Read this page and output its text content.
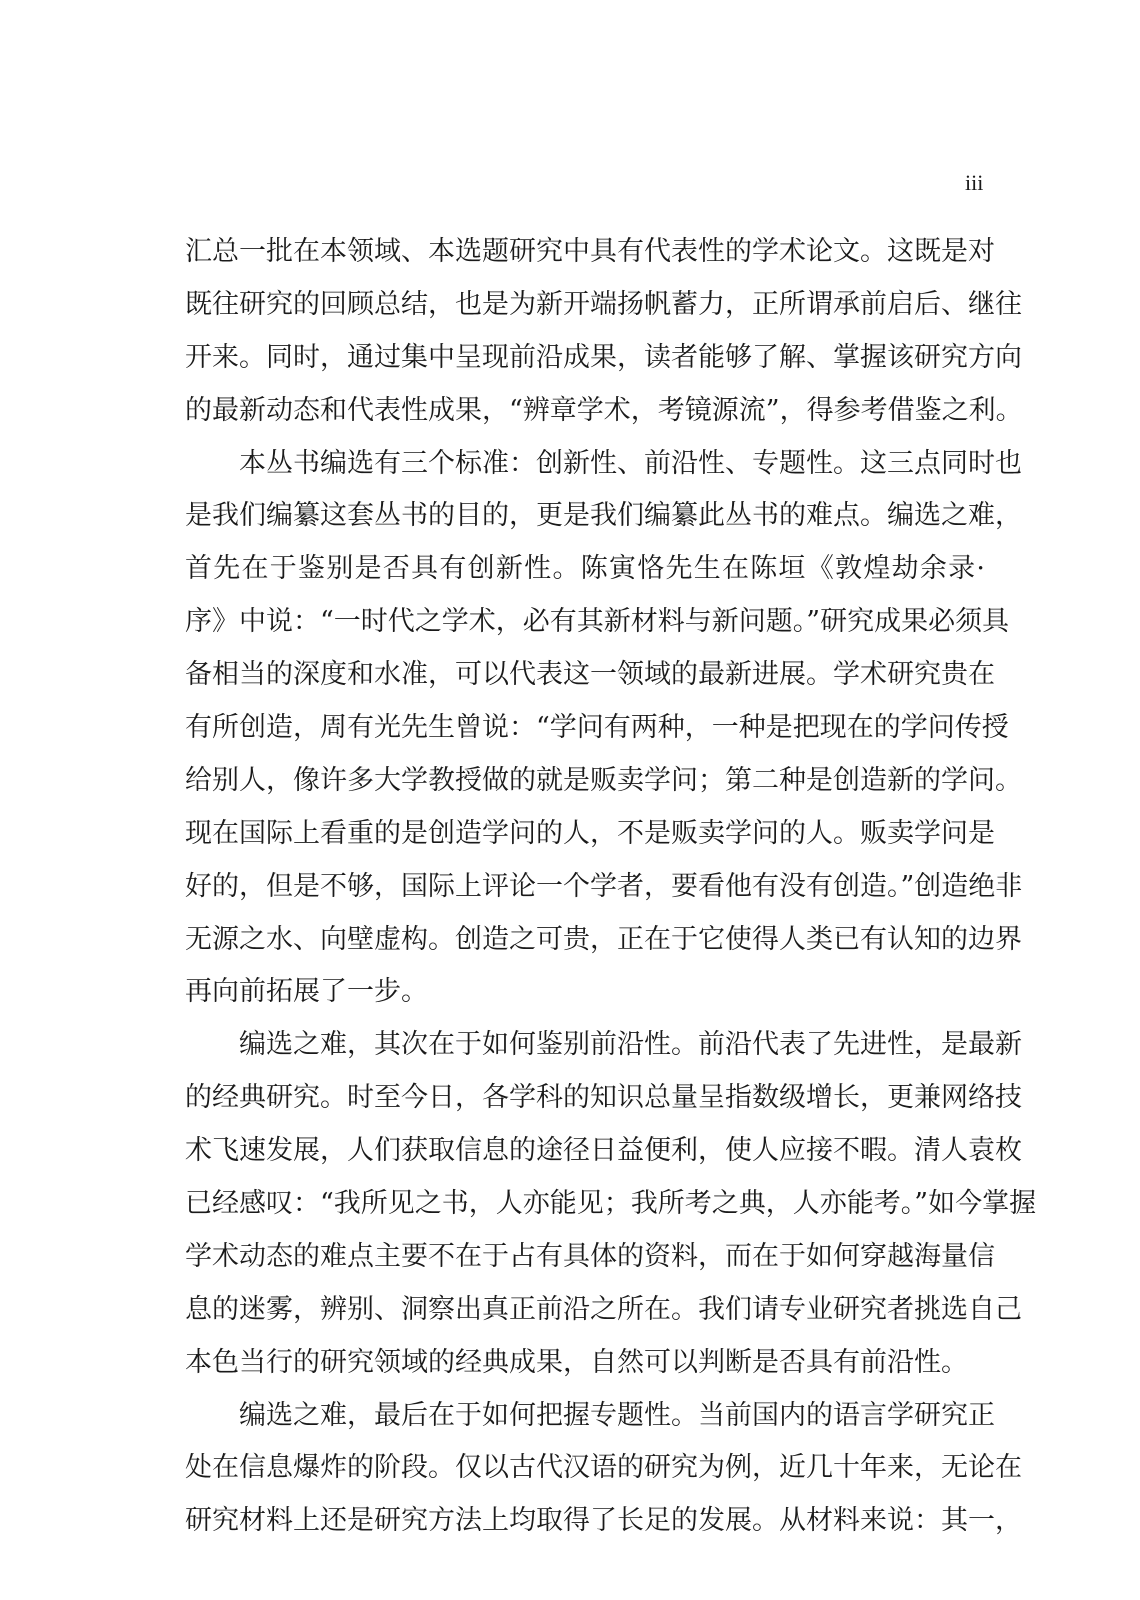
iii
汇总一批在本领域、本选题研究中具有代表性的学术论文。这既是对
既往研究的回顾总结，也是为新开端扬帆蓄力，正所谓承前启后、继往
开来。同时，通过集中呈现前沿成果，读者能够了解、掌握该研究方向
的最新动态和代表性成果，“辨章学术，考镜源流”，得参考借鉴之利。
　　本丛书编选有三个标准：创新性、前沿性、专题性。这三点同时也
是我们编纂这套丛书的目的，更是我们编纂此丛书的难点。编选之难，
首先在于鉴别是否具有创新性。陈寅恪先生在陈垣《敦煌劫余录·
序》中说：“一时代之学术，必有其新材料与新问题。”研究成果必须具
备相当的深度和水准，可以代表这一领域的最新进展。学术研究贵在
有所创造，周有光先生曾说：“学问有两种，一种是把现在的学问传授
给别人，像许多大学教授做的就是贩卖学问；第二种是创造新的学问。
现在国际上看重的是创造学问的人，不是贩卖学问的人。贩卖学问是
好的，但是不够，国际上评论一个学者，要看他有没有创造。”创造绝非
无源之水、向壁虚构。创造之可贵，正在于它使得人类已有认知的边界
再向前拓展了一步。
　　编选之难，其次在于如何鉴别前沿性。前沿代表了先进性，是最新
的经典研究。时至今日，各学科的知识总量呈指数级增长，更兼网络技
术飞速发展，人们获取信息的途径日益便利，使人应接不暇。清人袁枚
已经感叹：“我所见之书，人亦能见；我所考之典，人亦能考。”如今掌握
学术动态的难点主要不在于占有具体的资料，而在于如何穿越海量信
息的迷雾，辨别、洞察出真正前沿之所在。我们请专业研究者挑选自己
本色当行的研究领域的经典成果，自然可以判断是否具有前沿性。
　　编选之难，最后在于如何把握专题性。当前国内的语言学研究正
处在信息爆炸的阶段。仅以古代汉语的研究为例，近几十年来，无论在
研究材料上还是研究方法上均取得了长足的发展。从材料来说：其一，
